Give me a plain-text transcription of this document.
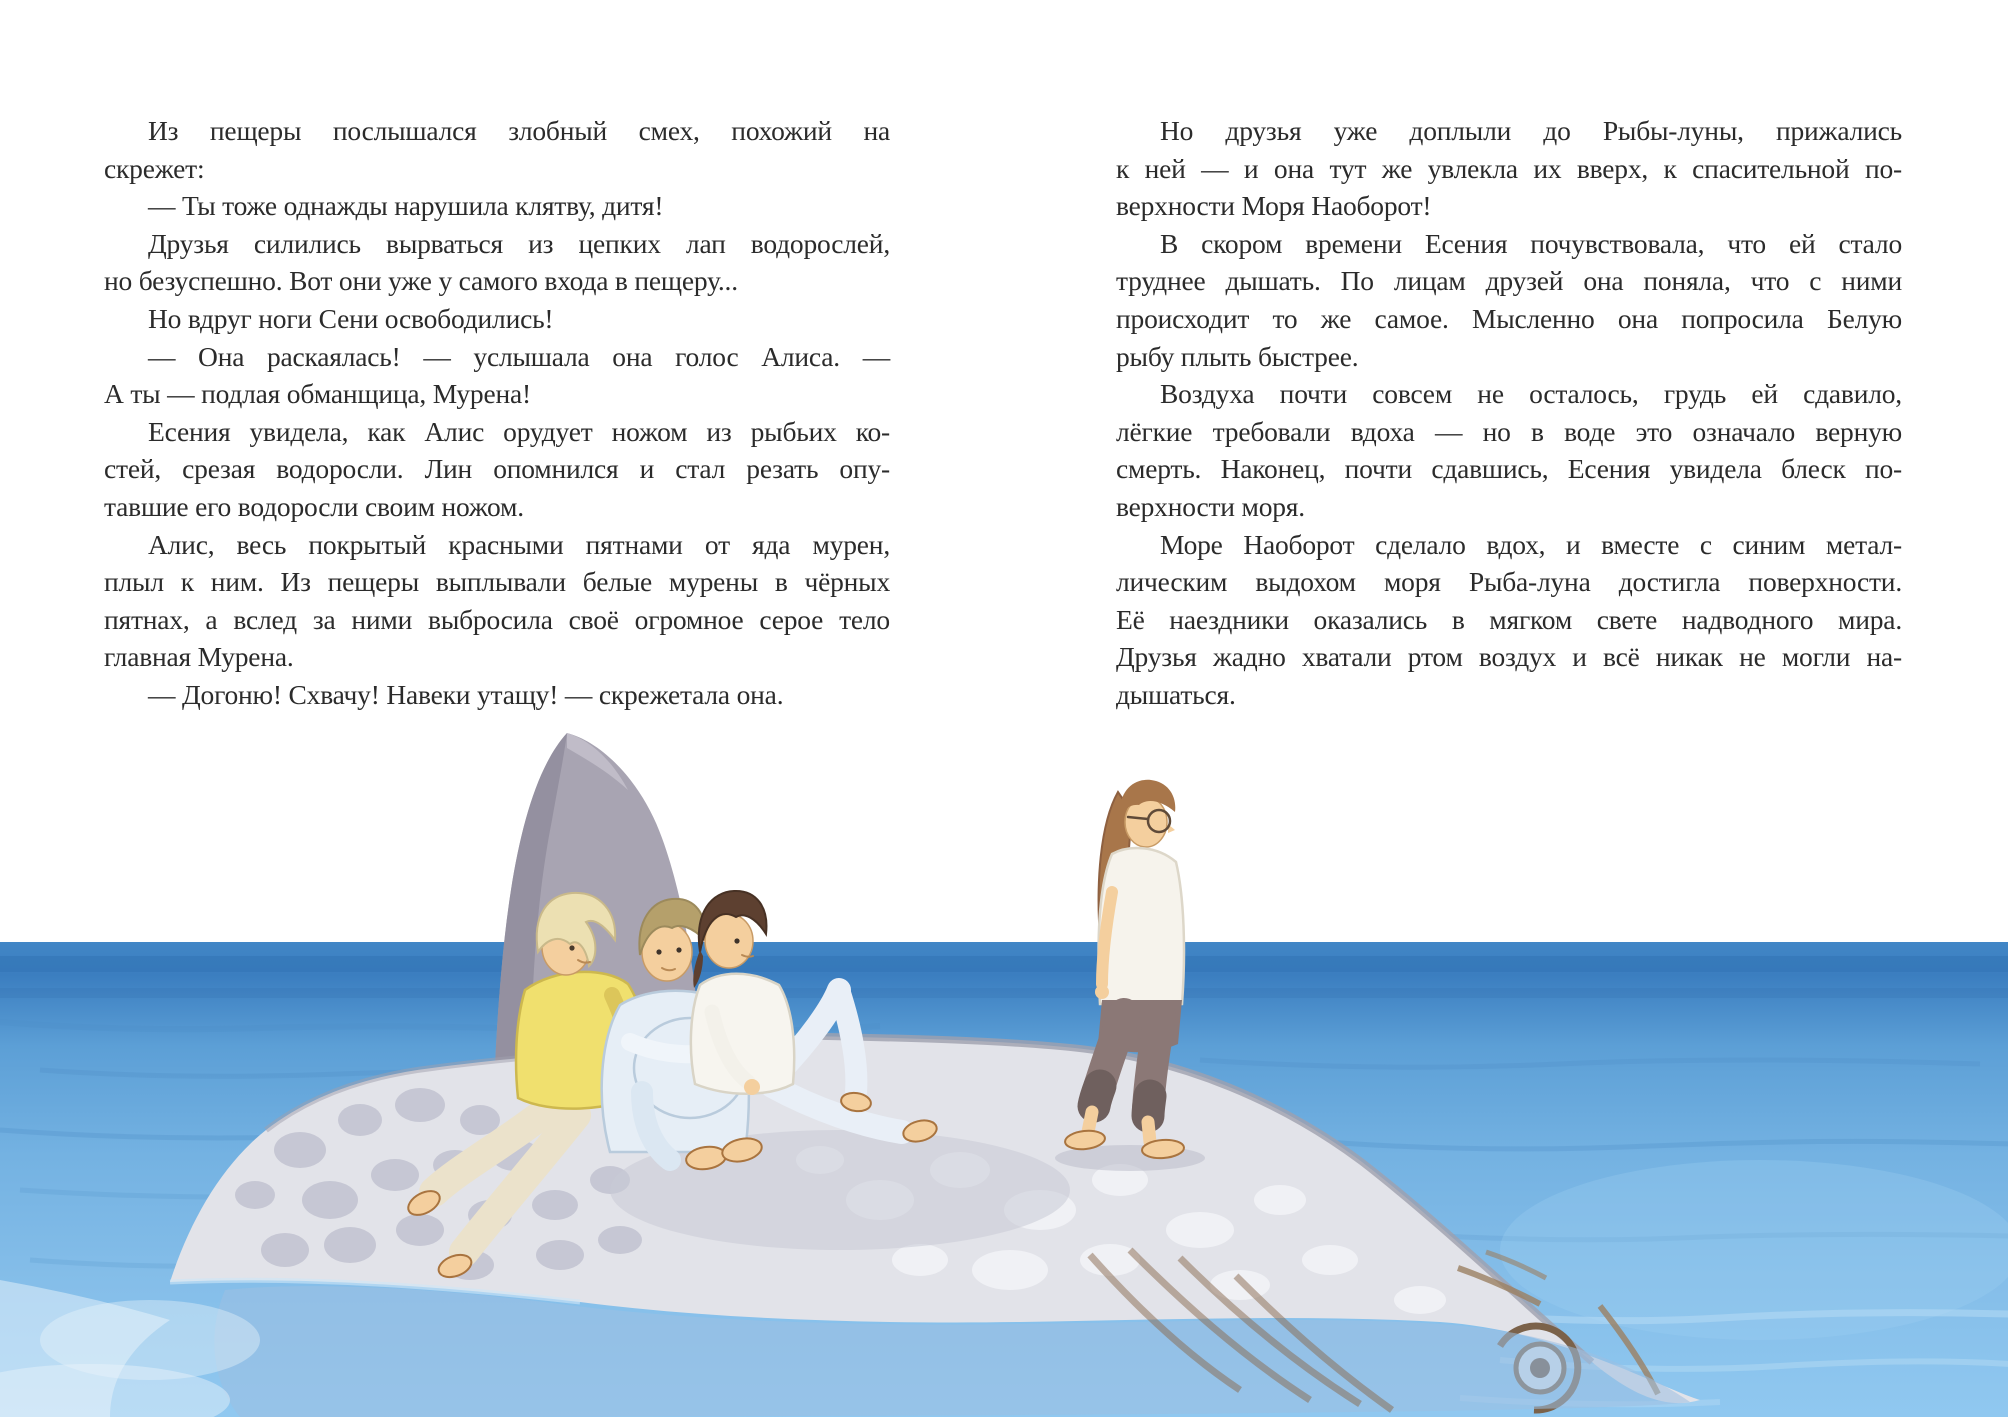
Из пещеры послышался злобный смех, похожий на
скрежет:
— Ты тоже однажды нарушила клятву, дитя!
Друзья силились вырваться из цепких лап водорослей,
но безуспешно. Вот они уже у самого входа в пещеру...
Но вдруг ноги Сени освободились!
— Она раскаялась! — услышала она голос Алиса. —
А ты — подлая обманщица, Мурена!
Есения увидела, как Алис орудует ножом из рыбьих ко-
стей, срезая водоросли. Лин опомнился и стал резать опу-
тавшие его водоросли своим ножом.
Алис, весь покрытый красными пятнами от яда мурен,
плыл к ним. Из пещеры выплывали белые мурены в чёрных
пятнах, а вслед за ними выбросила своё огромное серое тело
главная Мурена.
— Догоню! Схвачу! Навеки утащу! — скрежетала она.
Но друзья уже доплыли до Рыбы-луны, прижались
к ней — и она тут же увлекла их вверх, к спасительной по-
верхности Моря Наоборот!
В скором времени Есения почувствовала, что ей стало
труднее дышать. По лицам друзей она поняла, что с ними
происходит то же самое. Мысленно она попросила Белую
рыбу плыть быстрее.
Воздуха почти совсем не осталось, грудь ей сдавило,
лёгкие требовали вдоха — но в воде это означало верную
смерть. Наконец, почти сдавшись, Есения увидела блеск по-
верхности моря.
Море Наоборот сделало вдох, и вместе с синим метал-
лическим выдохом моря Рыба-луна достигла поверхности.
Её наездники оказались в мягком свете надводного мира.
Друзья жадно хватали ртом воздух и всё никак не могли на-
дышаться.
